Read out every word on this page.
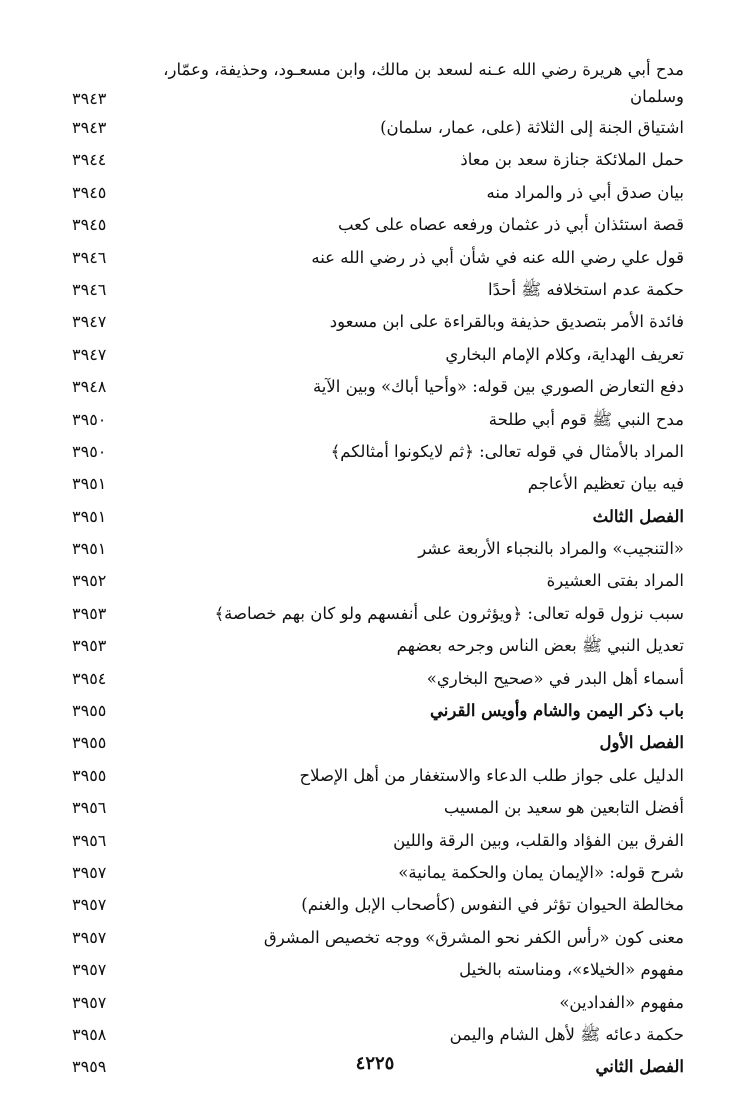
مدح أبي هريرة رضي الله عـنه لسعد بن مالك، وابن مسعـود، وحذيفة، وعمّار، وسلمان
٣٩٤٣
اشتياق الجنة إلى الثلاثة (على، عمار، سلمان)
٣٩٤٣
حمل الملائكة جنازة سعد بن معاذ
٣٩٤٤
بيان صدق أبي ذر والمراد منه
٣٩٤٥
قصة استئذان أبي ذر عثمان ورفعه عصاه على كعب
٣٩٤٥
قول علي رضي الله عنه في شأن أبي ذر رضي الله عنه
٣٩٤٦
حكمة عدم استخلافه ﷺ أحدًا
٣٩٤٦
فائدة الأمر بتصديق حذيفة وبالقراءة على ابن مسعود
٣٩٤٧
تعريف الهداية، وكلام الإمام البخاري
٣٩٤٧
دفع التعارض الصوري بين قوله: «وأحيا أباك» وبين الآية
٣٩٤٨
مدح النبي ﷺ قوم أبي طلحة
٣٩٥٠
المراد بالأمثال في قوله تعالى: ﴿ثم لايكونوا أمثالكم﴾
٣٩٥٠
فيه بيان تعظيم الأعاجم
٣٩٥١
الفصل الثالث
٣٩٥١
«التنجيب» والمراد بالنجباء الأربعة عشر
٣٩٥١
المراد بفتى العشيرة
٣٩٥٢
سبب نزول قوله تعالى: ﴿ويؤثرون على أنفسهم ولو كان بهم خصاصة﴾
٣٩٥٣
تعديل النبي ﷺ بعض الناس وجرحه بعضهم
٣٩٥٣
أسماء أهل البدر في «صحيح البخاري»
٣٩٥٤
باب ذكر اليمن والشام وأويس القرني
٣٩٥٥
الفصل الأول
٣٩٥٥
الدليل على جواز طلب الدعاء والاستغفار من أهل الإصلاح
٣٩٥٥
أفضل التابعين هو سعيد بن المسيب
٣٩٥٦
الفرق بين الفؤاد والقلب، وبين الرقة واللين
٣٩٥٦
شرح قوله: «الإيمان يمان والحكمة يمانية»
٣٩٥٧
مخالطة الحيوان تؤثر في النفوس (كأصحاب الإبل والغنم)
٣٩٥٧
معنى كون «رأس الكفر نحو المشرق» ووجه تخصيص المشرق
٣٩٥٧
مفهوم «الخيلاء»، ومناسته بالخيل
٣٩٥٧
مفهوم «الفدادين»
٣٩٥٧
حكمة دعائه ﷺ لأهل الشام واليمن
٣٩٥٨
الفصل الثاني
٣٩٥٩	٤٢٢٥
